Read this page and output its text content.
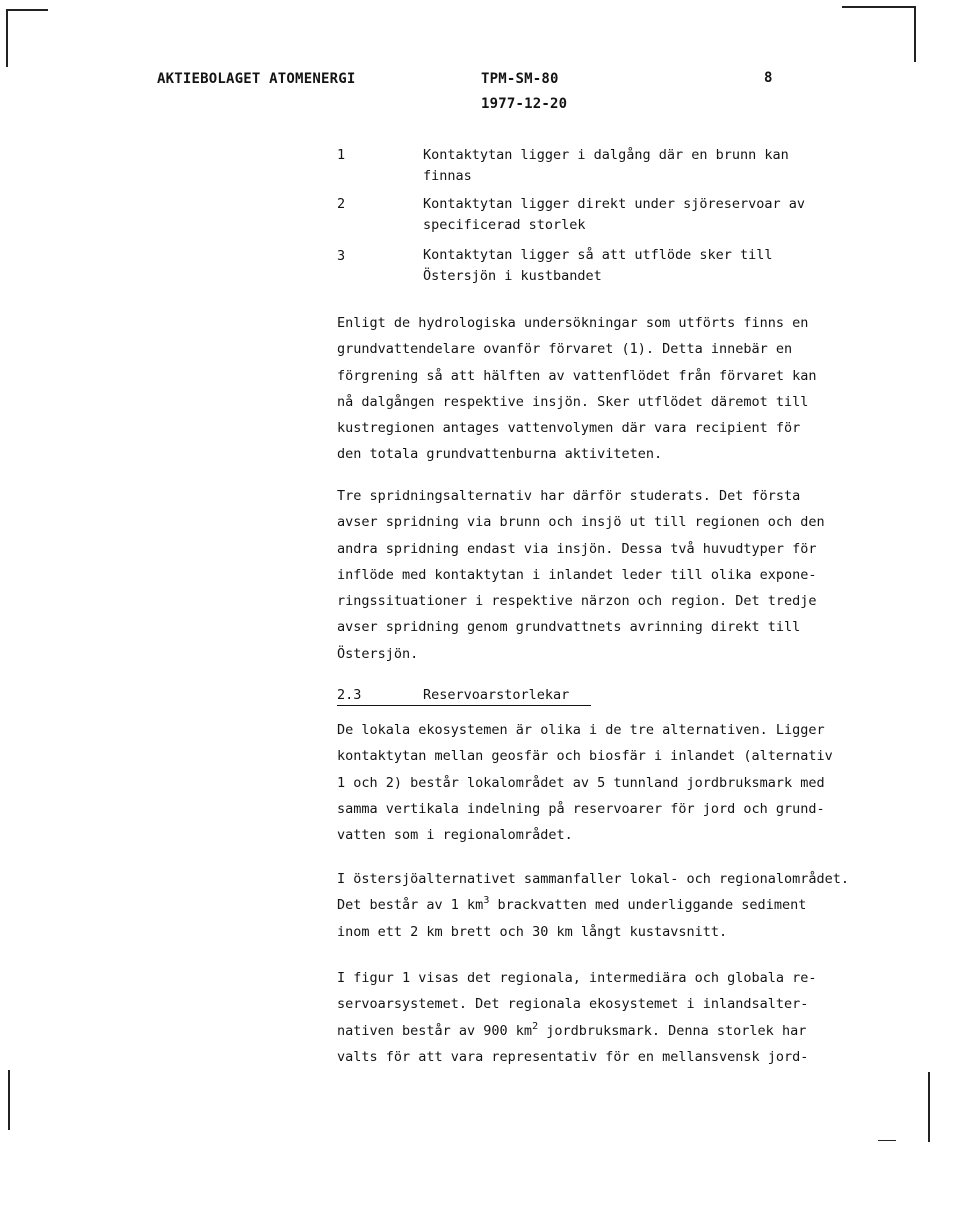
AKTIEBOLAGET ATOMENERGI	TPM-SM-80	8
1977-12-20
1	Kontaktytan ligger i dalgång där en brunn kan
finnas
2	Kontaktytan ligger direkt under sjöreservoar av
specificerad storlek
3	Kontaktytan ligger så att utflöde sker till
Östersjön i kustbandet
Enligt de hydrologiska undersökningar som utförts finns en
grundvattendelare ovanför förvaret (1). Detta innebär en
förgrening så att hälften av vattenflödet från förvaret kan
nå dalgången respektive insjön. Sker utflödet däremot till
kustregionen antages vattenvolymen där vara recipient för
den totala grundvattenburna aktiviteten.
Tre spridningsalternativ har därför studerats. Det första
avser spridning via brunn och insjö ut till regionen och den
andra spridning endast via insjön. Dessa två huvudtyper för
inflöde med kontaktytan i inlandet leder till olika expone-
ringssituationer i respektive närzon och region. Det tredje
avser spridning genom grundvattnets avrinning direkt till
Östersjön.
2.3	Reservoarstorlekar
De lokala ekosystemen är olika i de tre alternativen. Ligger
kontaktytan mellan geosfär och biosfär i inlandet (alternativ
1 och 2) består lokalområdet av 5 tunnland jordbruksmark med
samma vertikala indelning på reservoarer för jord och grund-
vatten som i regionalområdet.
I östersjöalternativet sammanfaller lokal- och regionalområdet.
Det består av 1 $km^3$ brackvatten med underliggande sediment
inom ett 2 km brett och 30 km långt kustavsnitt.
I figur 1 visas det regionala, intermediära och globala re-
servoarsystemet. Det regionala ekosystemet i inlandsalter-
nativen består av 900 $km^2$ jordbruksmark. Denna storlek har
valts för att vara representativ för en mellansvensk jord-
